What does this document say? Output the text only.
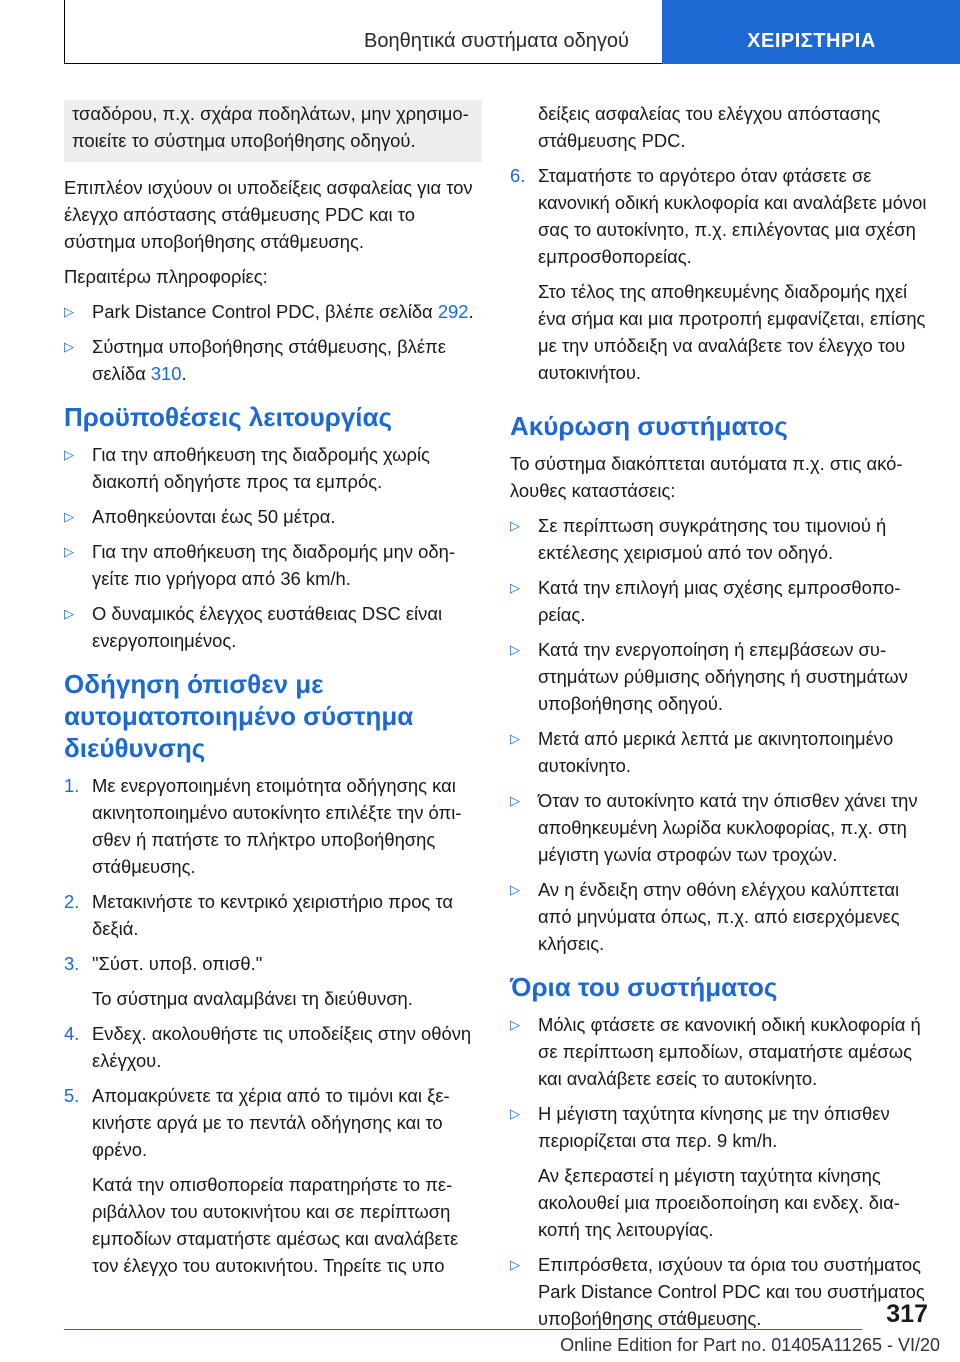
Βοηθητικά συστήματα οδηγού	ΧΕΙΡΙΣΤΗΡΙΑ

τσαδόρου, π.χ. σχάρα ποδηλάτων, μην χρησιμοποιείτε το σύστημα υποβοήθησης οδηγού.

Επιπλέον ισχύουν οι υποδείξεις ασφαλείας για τον έλεγχο απόστασης στάθμευσης PDC και το σύστημα υποβοήθησης στάθμευσης.

Περαιτέρω πληροφορίες:

▷ Park Distance Control PDC, βλέπε σελίδα 292.
▷ Σύστημα υποβοήθησης στάθμευσης, βλέπε σελίδα 310.
Προϋποθέσεις λειτουργίας
▷ Για την αποθήκευση της διαδρομής χωρίς διακοπή οδηγήστε προς τα εμπρός.
▷ Αποθηκεύονται έως 50 μέτρα.
▷ Για την αποθήκευση της διαδρομής μην οδηγείτε πιο γρήγορα από 36 km/h.
▷ Ο δυναμικός έλεγχος ευστάθειας DSC είναι ενεργοποιημένος.
Οδήγηση όπισθεν με αυτοματοποιημένο σύστημα διεύθυνσης
1. Με ενεργοποιημένη ετοιμότητα οδήγησης και ακινητοποιημένο αυτοκίνητο επιλέξτε την όπισθεν ή πατήστε το πλήκτρο υποβοήθησης στάθμευσης.
2. Μετακινήστε το κεντρικό χειριστήριο προς τα δεξιά.
3. "Σύστ. υποβ. οπισθ."
Το σύστημα αναλαμβάνει τη διεύθυνση.
4. Ενδεχ. ακολουθήστε τις υποδείξεις στην οθόνη ελέγχου.
5. Απομακρύνετε τα χέρια από το τιμόνι και ξεκινήστε αργά με το πεντάλ οδήγησης και το φρένο.
Κατά την οπισθοπορεία παρατηρήστε το περιβάλλον του αυτοκινήτου και σε περίπτωση εμποδίων σταματήστε αμέσως και αναλάβετε τον έλεγχο του αυτοκινήτου. Τηρείτε τις υπο

δείξεις ασφαλείας του ελέγχου απόστασης στάθμευσης PDC.

6. Σταματήστε το αργότερο όταν φτάσετε σε κανονική οδική κυκλοφορία και αναλάβετε μόνοι σας το αυτοκίνητο, π.χ. επιλέγοντας μια σχέση εμπροσθοπορείας.
Στο τέλος της αποθηκευμένης διαδρομής ηχεί ένα σήμα και μια προτροπή εμφανίζεται, επίσης με την υπόδειξη να αναλάβετε τον έλεγχο του αυτοκινήτου.
Ακύρωση συστήματος

Το σύστημα διακόπτεται αυτόματα π.χ. στις ακόλουθες καταστάσεις:

▷ Σε περίπτωση συγκράτησης του τιμονιού ή εκτέλεσης χειρισμού από τον οδηγό.
▷ Κατά την επιλογή μιας σχέσης εμπροσθοπορείας.
▷ Κατά την ενεργοποίηση ή επεμβάσεων συστημάτων ρύθμισης οδήγησης ή συστημάτων υποβοήθησης οδηγού.
▷ Μετά από μερικά λεπτά με ακινητοποιημένο αυτοκίνητο.
▷ Όταν το αυτοκίνητο κατά την όπισθεν χάνει την αποθηκευμένη λωρίδα κυκλοφορίας, π.χ. στη μέγιστη γωνία στροφών των τροχών.
▷ Αν η ένδειξη στην οθόνη ελέγχου καλύπτεται από μηνύματα όπως, π.χ. από εισερχόμενες κλήσεις.
Όρια του συστήματος
▷ Μόλις φτάσετε σε κανονική οδική κυκλοφορία ή σε περίπτωση εμποδίων, σταματήστε αμέσως και αναλάβετε εσείς το αυτοκίνητο.
▷ Η μέγιστη ταχύτητα κίνησης με την όπισθεν περιορίζεται στα περ. 9 km/h.
Αν ξεπεραστεί η μέγιστη ταχύτητα κίνησης ακολουθεί μια προειδοποίηση και ενδεχ. διακοπή της λειτουργίας.
▷ Επιπρόσθετα, ισχύουν τα όρια του συστήματος Park Distance Control PDC και του συστήματος υποβοήθησης στάθμευσης.	317
Online Edition for Part no. 01405A11265 - VI/20
